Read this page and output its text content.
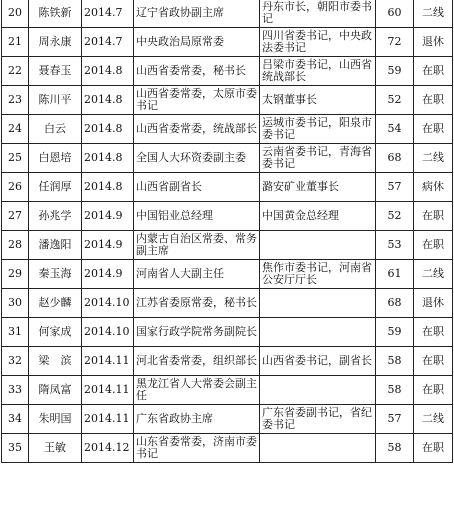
20	陈铁新	2014.7	辽宁省政协副主席	丹东市长，朝阳市委书记	60	二线
21	周永康	2014.7	中央政治局原常委	四川省委书记，中央政法委书记	72	退休
22	聂春玉	2014.8	山西省委常委，秘书长	吕梁市委书记，山西省统战部长	59	在职
23	陈川平	2014.8	山西省委常委，太原市委书记	太钢董事长	52	在职
24	白云	2014.8	山西省委常委，统战部长	运城市委书记，阳泉市委书记	54	在职
25	白恩培	2014.8	全国人大环资委副主委	云南省委书记，青海省委书记	68	二线
26	任润厚	2014.8	山西省副省长	潞安矿业董事长	57	病休
27	孙兆学	2014.9	中国铝业总经理	中国黄金总经理	52	在职
28	潘逸阳	2014.9	内蒙古自治区常委、常务副主席		53	在职
29	秦玉海	2014.9	河南省人大副主任	焦作市委书记，河南省公安厅厅长	61	二线
30	赵少麟	2014.10	江苏省委原常委，秘书长		68	退休
31	何家成	2014.10	国家行政学院常务副院长		59	在职
32	梁　滨	2014.11	河北省委常委，组织部长	山西省委书记，副省长	58	在职
33	隋凤富	2014.11	黑龙江省人大常委会副主任		58	在职
34	朱明国	2014.11	广东省政协主席	广东省委副书记，省纪委书记	57	二线
35	王敏	2014.12	山东省委常委，济南市委书记		58	在职
